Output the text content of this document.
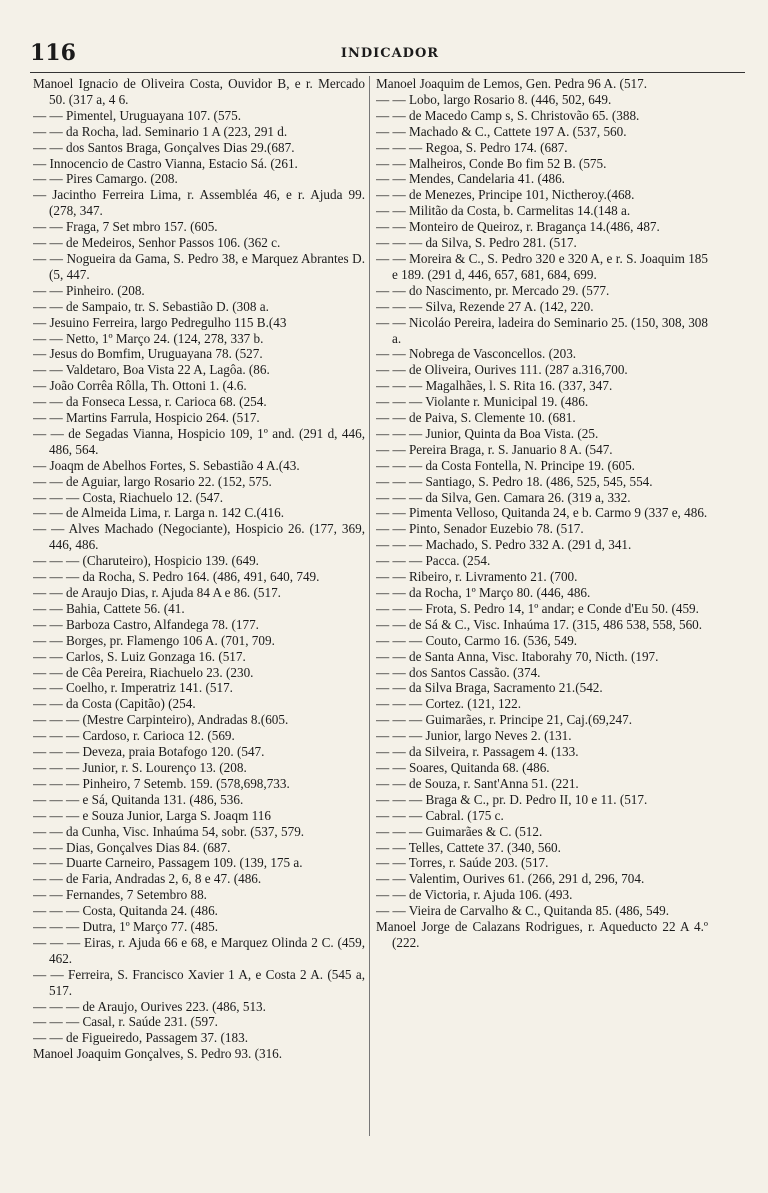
116	INDICADOR

Manoel Ignacio de Oliveira Costa, Ouvidor B, e r. Mercado 50. (317 a, 4 6.

— — Pimentel, Uruguayana 107. (575.

— — da Rocha, lad. Seminario 1 A (223, 291 d.

— — dos Santos Braga, Gonçalves Dias 29.(687.

— Innocencio de Castro Vianna, Estacio Sá. (261.

— — Pires Camargo. (208.

— Jacintho Ferreira Lima, r. Assembléa 46, e r. Ajuda 99. (278, 347.

— — Fraga, 7 Set mbro 157. (605.

— — de Medeiros, Senhor Passos 106. (362 c.

— — Nogueira da Gama, S. Pedro 38, e Marquez Abrantes D. (5, 447.

— — Pinheiro. (208.

— — de Sampaio, tr. S. Sebastião D. (308 a.

— Jesuino Ferreira, largo Pedregulho 115 B.(43

— — Netto, 1º Março 24. (124, 278, 337 b.

— Jesus do Bomfim, Uruguayana 78. (527.

— — Valdetaro, Boa Vista 22 A, Lagôa. (86.

— João Corrêa Rôlla, Th. Ottoni 1. (4.6.

— — da Fonseca Lessa, r. Carioca 68. (254.

— — Martins Farrula, Hospicio 264. (517.

— — de Segadas Vianna, Hospicio 109, 1º and. (291 d, 446, 486, 564.

— Joaqm de Abelhos Fortes, S. Sebastião 4 A.(43.

— — de Aguiar, largo Rosario 22. (152, 575.

— — — Costa, Riachuelo 12. (547.

— — de Almeida Lima, r. Larga n. 142 C.(416.

— — Alves Machado (Negociante), Hospicio 26. (177, 369, 446, 486.

— — — (Charuteiro), Hospicio 139. (649.

— — — da Rocha, S. Pedro 164. (486, 491, 640, 749.

— — de Araujo Dias, r. Ajuda 84 A e 86. (517.

— — Bahia, Cattete 56. (41.

— — Barboza Castro, Alfandega 78. (177.

— — Borges, pr. Flamengo 106 A. (701, 709.

— — Carlos, S. Luiz Gonzaga 16. (517.

— — de Cêa Pereira, Riachuelo 23. (230.

— — Coelho, r. Imperatriz 141. (517.

— — da Costa (Capitão) (254.

— — — (Mestre Carpinteiro), Andradas 8.(605.

— — — Cardoso, r. Carioca 12. (569.

— — — Deveza, praia Botafogo 120. (547.

— — — Junior, r. S. Lourenço 13. (208.

— — — Pinheiro, 7 Setemb. 159. (578,698,733.

— — — e Sá, Quitanda 131. (486, 536.

— — — e Souza Junior, Larga S. Joaqm 116

— — da Cunha, Visc. Inhaúma 54, sobr. (537, 579.

— — Dias, Gonçalves Dias 84. (687.

— — Duarte Carneiro, Passagem 109. (139, 175 a.

— — de Faria, Andradas 2, 6, 8 e 47. (486.

— — Fernandes, 7 Setembro 88.

— — — Costa, Quitanda 24. (486.

— — — Dutra, 1º Março 77. (485.

— — — Eiras, r. Ajuda 66 e 68, e Marquez Olinda 2 C. (459, 462.

— — Ferreira, S. Francisco Xavier 1 A, e Costa 2 A. (545 a, 517.

— — — de Araujo, Ourives 223. (486, 513.

— — — Casal, r. Saúde 231. (597.

— — de Figueiredo, Passagem 37. (183.

Manoel Joaquim Gonçalves, S. Pedro 93. (316.

Manoel Joaquim de Lemos, Gen. Pedra 96 A. (517.

— — Lobo, largo Rosario 8. (446, 502, 649.

— — de Macedo Camp s, S. Christovão 65. (388.

— — Machado & C., Cattete 197 A. (537, 560.

— — — Regoa, S. Pedro 174. (687.

— — Malheiros, Conde Bo fim 52 B. (575.

— — Mendes, Candelaria 41. (486.

— — de Menezes, Principe 101, Nictheroy.(468.

— — Militão da Costa, b. Carmelitas 14.(148 a.

— — Monteiro de Queiroz, r. Bragança 14.(486, 487.

— — — da Silva, S. Pedro 281. (517.

— — Moreira & C., S. Pedro 320 e 320 A, e r. S. Joaquim 185 e 189. (291 d, 446, 657, 681, 684, 699.

— — do Nascimento, pr. Mercado 29. (577.

— — — Silva, Rezende 27 A. (142, 220.

— — Nicoláo Pereira, ladeira do Seminario 25. (150, 308, 308 a.

— — Nobrega de Vasconcellos. (203.

— — de Oliveira, Ourives 111. (287 a.316,700.

— — — Magalhães, l. S. Rita 16. (337, 347.

— — — Violante r. Municipal 19. (486.

— — de Paiva, S. Clemente 10. (681.

— — — Junior, Quinta da Boa Vista. (25.

— — Pereira Braga, r. S. Januario 8 A. (547.

— — — da Costa Fontella, N. Principe 19. (605.

— — — Santiago, S. Pedro 18. (486, 525, 545, 554.

— — — da Silva, Gen. Camara 26. (319 a, 332.

— — Pimenta Velloso, Quitanda 24, e b. Carmo 9 (337 e, 486.

— — Pinto, Senador Euzebio 78. (517.

— — — Machado, S. Pedro 332 A. (291 d, 341.

— — — Pacca. (254.

— — Ribeiro, r. Livramento 21. (700.

— — da Rocha, 1º Março 80. (446, 486.

— — — Frota, S. Pedro 14, 1º andar; e Conde d'Eu 50. (459.

— — de Sá & C., Visc. Inhaúma 17. (315, 486 538, 558, 560.

— — — Couto, Carmo 16. (536, 549.

— — de Santa Anna, Visc. Itaborahy 70, Nicth. (197.

— — dos Santos Cassão. (374.

— — da Silva Braga, Sacramento 21.(542.

— — — Cortez. (121, 122.

— — — Guimarães, r. Principe 21, Caj.(69,247.

— — — Junior, largo Neves 2. (131.

— — da Silveira, r. Passagem 4. (133.

— — Soares, Quitanda 68. (486.

— — de Souza, r. Sant'Anna 51. (221.

— — — Braga & C., pr. D. Pedro II, 10 e 11. (517.

— — — Cabral. (175 c.

— — — Guimarães & C. (512.

— — Telles, Cattete 37. (340, 560.

— — Torres, r. Saúde 203. (517.

— — Valentim, Ourives 61. (266, 291 d, 296, 704.

— — de Victoria, r. Ajuda 106. (493.

— — Vieira de Carvalho & C., Quitanda 85. (486, 549.

Manoel Jorge de Calazans Rodrigues, r. Aqueducto 22 A 4.º (222.
